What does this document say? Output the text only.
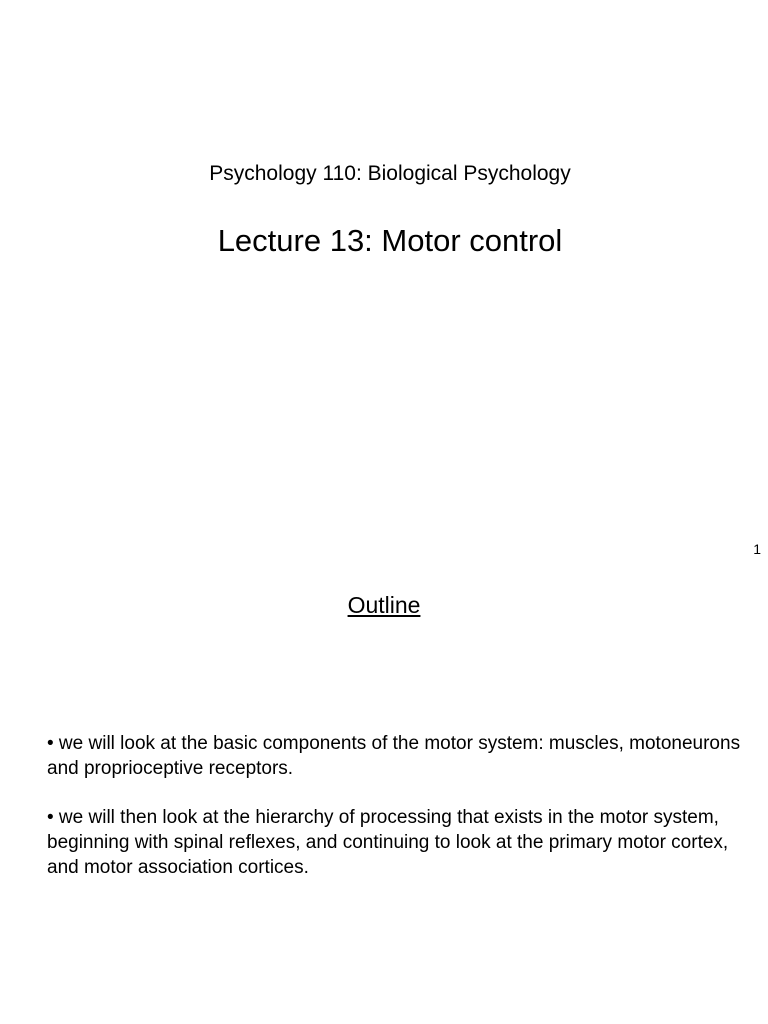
Psychology 110: Biological Psychology
Lecture 13: Motor control
1
Outline

• we will look at the basic components of the motor system: muscles, motoneurons and proprioceptive receptors.

• we will then look at the hierarchy of processing that exists in the motor system, beginning with spinal reflexes, and continuing to look at the primary motor cortex, and motor association cortices.
